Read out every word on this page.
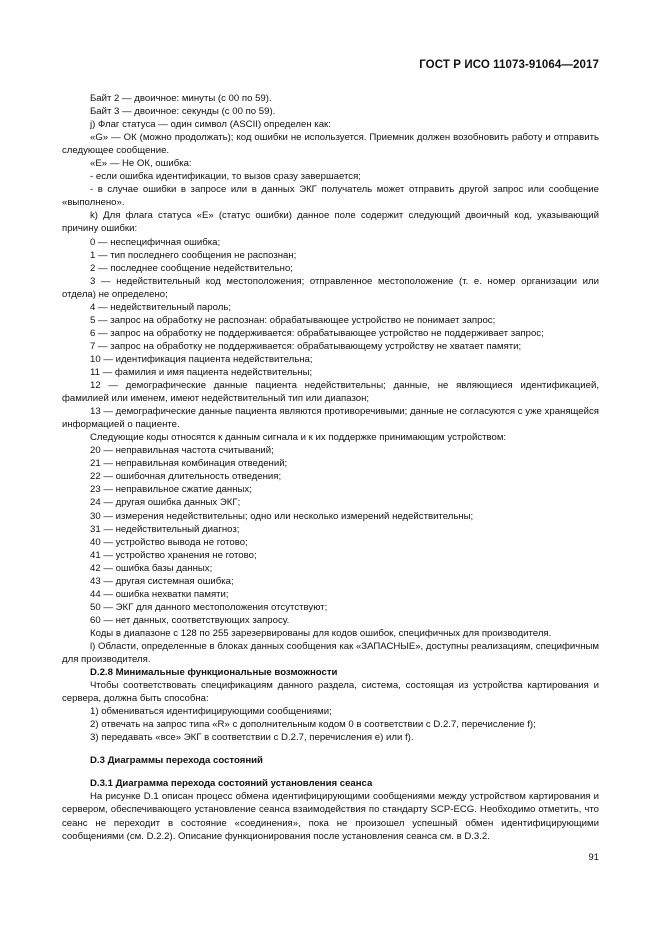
ГОСТ Р ИСО 11073-91064—2017

Байт 2 — двоичное: минуты (с 00 по 59).

Байт 3 — двоичное: секунды (с 00 по 59).

j) Флаг статуса — один символ (ASCII) определен как:

«G» — ОК (можно продолжать); код ошибки не используется. Приемник должен возобновить работу и отправить следующее сообщение.

«Е» — Не ОК, ошибка:

- если ошибка идентификации, то вызов сразу завершается;

- в случае ошибки в запросе или в данных ЭКГ получатель может отправить другой запрос или сообщение «выполнено».

k) Для флага статуса «Е» (статус ошибки) данное поле содержит следующий двоичный код, указывающий причину ошибки:

0 — неспецифичная ошибка;

1 — тип последнего сообщения не распознан;

2 — последнее сообщение недействительно;

3 — недействительный код местоположения; отправленное местоположение (т. е. номер организации или отдела) не определено;

4 — недействительный пароль;

5 — запрос на обработку не распознан: обрабатывающее устройство не понимает запрос;

6 — запрос на обработку не поддерживается: обрабатывающее устройство не поддерживает запрос;

7 — запрос на обработку не поддерживается: обрабатывающему устройству не хватает памяти;

10 — идентификация пациента недействительна;

11 — фамилия и имя пациента недействительны;

12 — демографические данные пациента недействительны; данные, не являющиеся идентификацией, фамилией или именем, имеют недействительный тип или диапазон;

13 — демографические данные пациента являются противоречивыми; данные не согласуются с уже хранящейся информацией о пациенте.

Следующие коды относятся к данным сигнала и к их поддержке принимающим устройством:

20 — неправильная частота считываний;

21 — неправильная комбинация отведений;

22 — ошибочная длительность отведения;

23 — неправильное сжатие данных;

24 — другая ошибка данных ЭКГ;

30 — измерения недействительны; одно или несколько измерений недействительны;

31 — недействительный диагноз;

40 — устройство вывода не готово;

41 — устройство хранения не готово;

42 — ошибка базы данных;

43 — другая системная ошибка;

44 — ошибка нехватки памяти;

50 — ЭКГ для данного местоположения отсутствуют;

60 — нет данных, соответствующих запросу.

Коды в диапазоне с 128 по 255 зарезервированы для кодов ошибок, специфичных для производителя.

l) Области, определенные в блоках данных сообщения как «ЗАПАСНЫЕ», доступны реализациям, специфичным для производителя.

D.2.8 Минимальные функциональные возможности

Чтобы соответствовать спецификациям данного раздела, система, состоящая из устройства картирования и сервера, должна быть способна:

1) обмениваться идентифицирующими сообщениями;

2) отвечать на запрос типа «R» с дополнительным кодом 0 в соответствии с D.2.7, перечисление f);

3) передавать «все» ЭКГ в соответствии с D.2.7, перечисления е) или f).

D.3 Диаграммы перехода состояний

D.3.1 Диаграмма перехода состояний установления сеанса

На рисунке D.1 описан процесс обмена идентифицирующими сообщениями между устройством картирования и сервером, обеспечивающего установление сеанса взаимодействия по стандарту SCP-ECG. Необходимо отметить, что сеанс не переходит в состояние «соединения», пока не произошел успешный обмен идентифицирующими сообщениями (см. D.2.2). Описание функционирования после установления сеанса см. в D.3.2.

91
